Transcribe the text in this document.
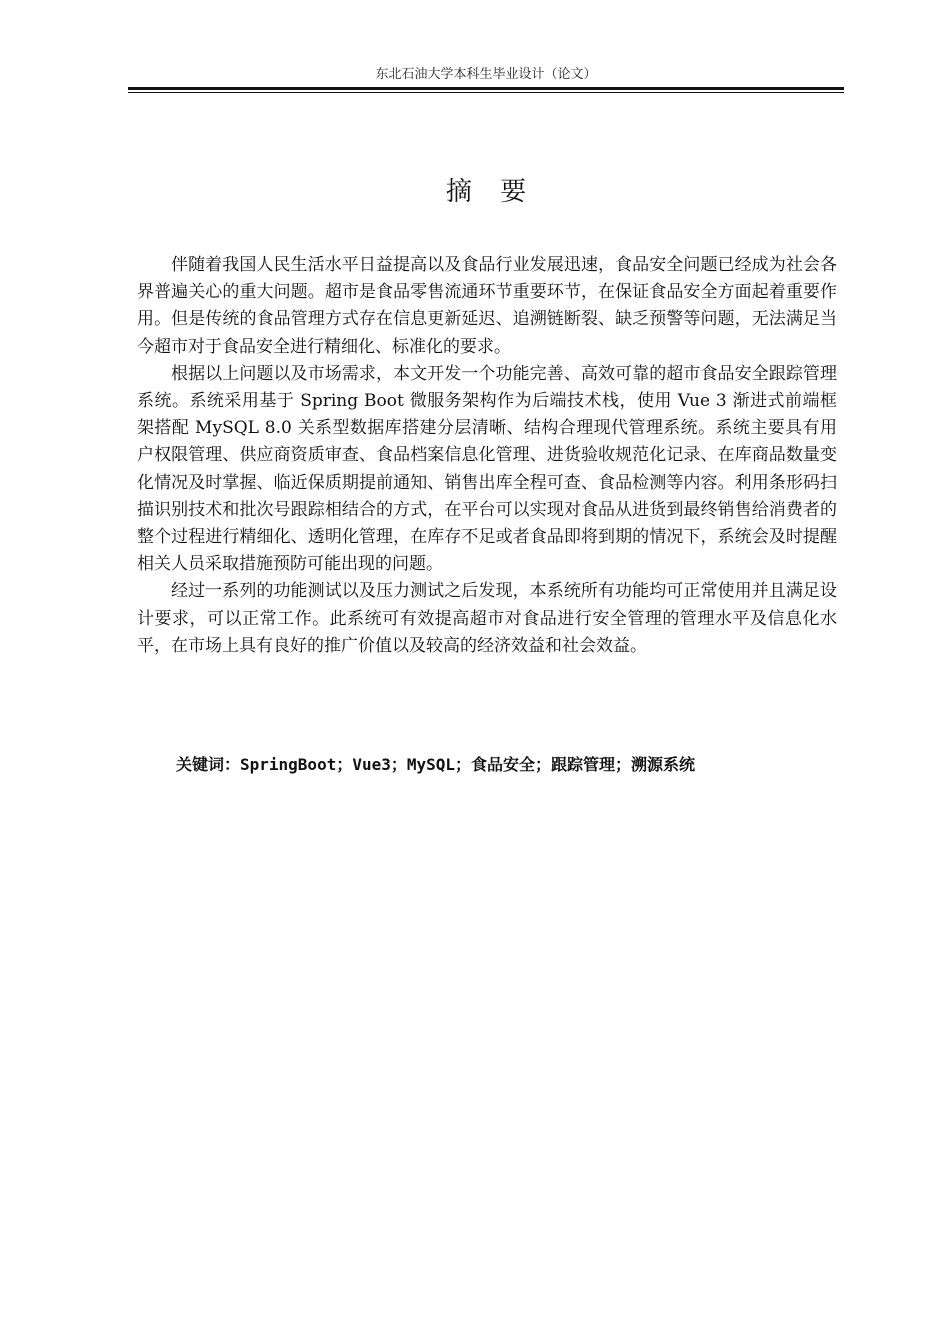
东北石油大学本科生毕业设计（论文）
摘 要

伴随着我国人民生活水平日益提高以及食品行业发展迅速，食品安全问题已经成为社会各界普遍关心的重大问题。超市是食品零售流通环节重要环节，在保证食品安全方面起着重要作用。但是传统的食品管理方式存在信息更新延迟、追溯链断裂、缺乏预警等问题，无法满足当今超市对于食品安全进行精细化、标准化的要求。

根据以上问题以及市场需求，本文开发一个功能完善、高效可靠的超市食品安全跟踪管理系统。系统采用基于 Spring Boot 微服务架构作为后端技术栈，使用 Vue 3 渐进式前端框架搭配 MySQL 8.0 关系型数据库搭建分层清晰、结构合理现代管理系统。系统主要具有用户权限管理、供应商资质审查、食品档案信息化管理、进货验收规范化记录、在库商品数量变化情况及时掌握、临近保质期提前通知、销售出库全程可查、食品检测等内容。利用条形码扫描识别技术和批次号跟踪相结合的方式，在平台可以实现对食品从进货到最终销售给消费者的整个过程进行精细化、透明化管理，在库存不足或者食品即将到期的情况下，系统会及时提醒相关人员采取措施预防可能出现的问题。

经过一系列的功能测试以及压力测试之后发现，本系统所有功能均可正常使用并且满足设计要求，可以正常工作。此系统可有效提高超市对食品进行安全管理的管理水平及信息化水平，在市场上具有良好的推广价值以及较高的经济效益和社会效益。

关键词：SpringBoot；Vue3；MySQL；食品安全；跟踪管理；溯源系统
